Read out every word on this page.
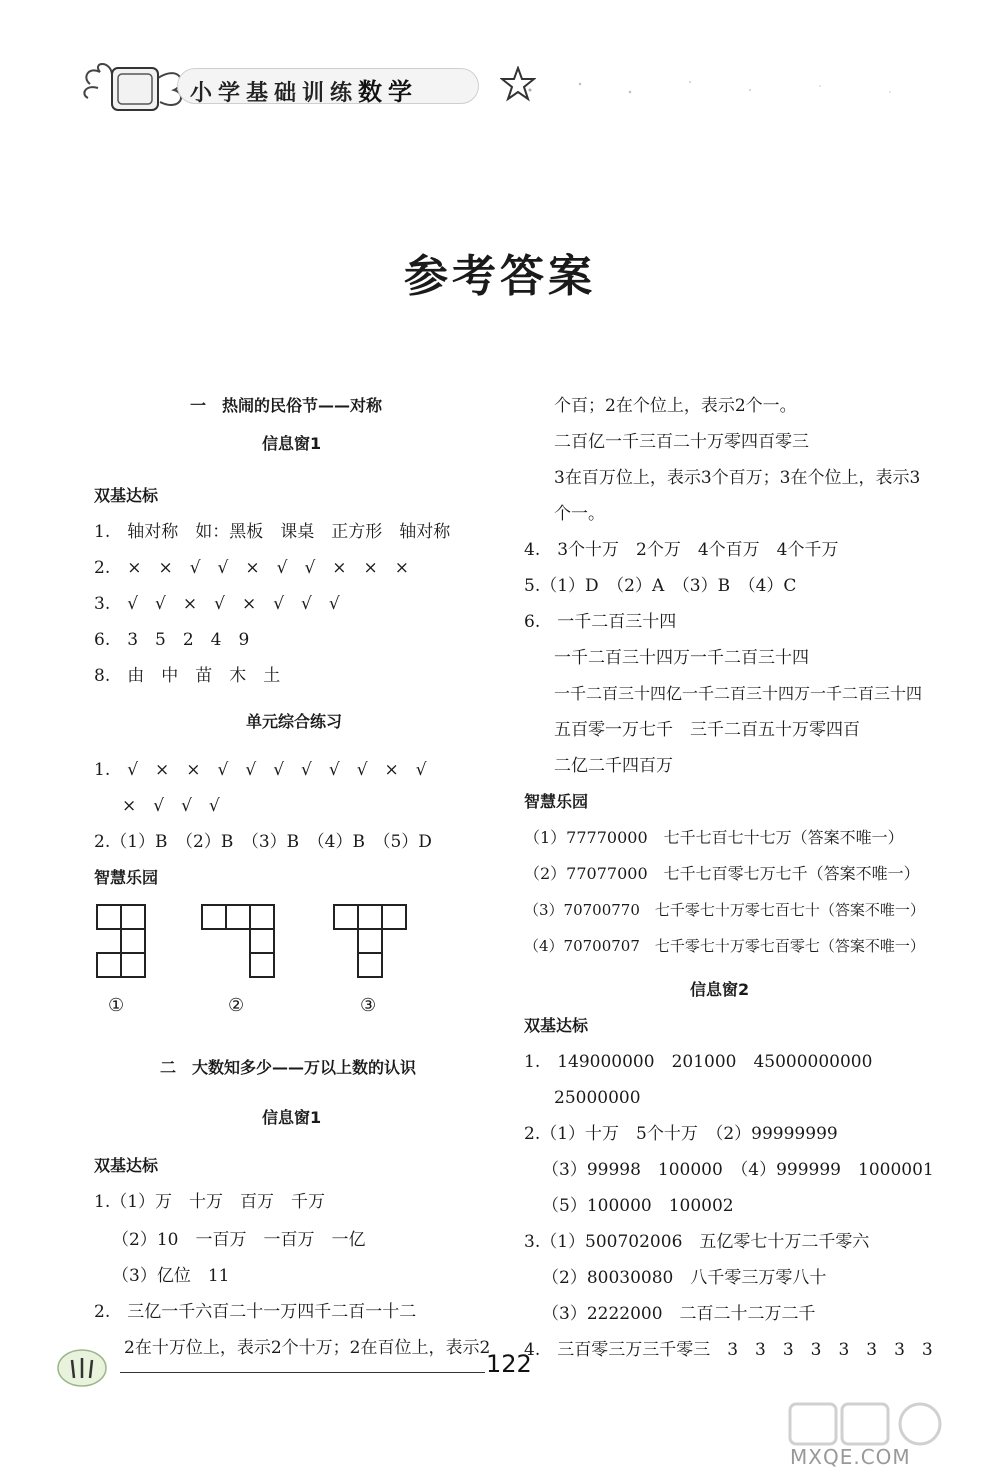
小学基础训练数学
参考答案
一　热闹的民俗节——对称
信息窗1
双基达标
1.　轴对称　如：黑板　课桌　正方形　轴对称
2.　×　×　√　√　×　√　√　×　×　×
3.　√　√　×　√　×　√　√　√
6.　3　5　2　4　9
8.　由　中　苗　木　土
单元综合练习
1.　√　×　×　√　√　√　√　√　√　×　√
×　√　√　√
2.（1）B　（2）B　（3）B　（4）B　（5）D
智慧乐园
①	②	③
二　大数知多少——万以上数的认识
信息窗1
双基达标
1.（1）万　十万　百万　千万
（2）10　一百万　一百万　一亿
（3）亿位　11
2.　三亿一千六百二十一万四千二百一十二
2在十万位上，表示2个十万；2在百位上，表示2
个百；2在个位上，表示2个一。
二百亿一千三百二十万零四百零三
3在百万位上，表示3个百万；3在个位上，表示3
个一。
4.　3个十万　2个万　4个百万　4个千万
5.（1）D　（2）A　（3）B　（4）C
6.　一千二百三十四
一千二百三十四万一千二百三十四
一千二百三十四亿一千二百三十四万一千二百三十四
五百零一万七千　三千二百五十万零四百
二亿二千四百万
智慧乐园
（1）77770000　七千七百七十七万（答案不唯一）
（2）77077000　七千七百零七万七千（答案不唯一）
（3）70700770　七千零七十万零七百七十（答案不唯一）
（4）70700707　七千零七十万零七百零七（答案不唯一）
信息窗2
双基达标
1.　149000000　201000　45000000000
25000000
2.（1）十万　5个十万　（2）99999999
（3）99998　100000　（4）999999　1000001
（5）100000　100002
3.（1）500702006　五亿零七十万二千零六
（2）80030080　八千零三万零八十
（3）2222000　二百二十二万二千
4.　三百零三万三千零三　3　3　3　3　3　3　3　3
122
MXQE.COM
